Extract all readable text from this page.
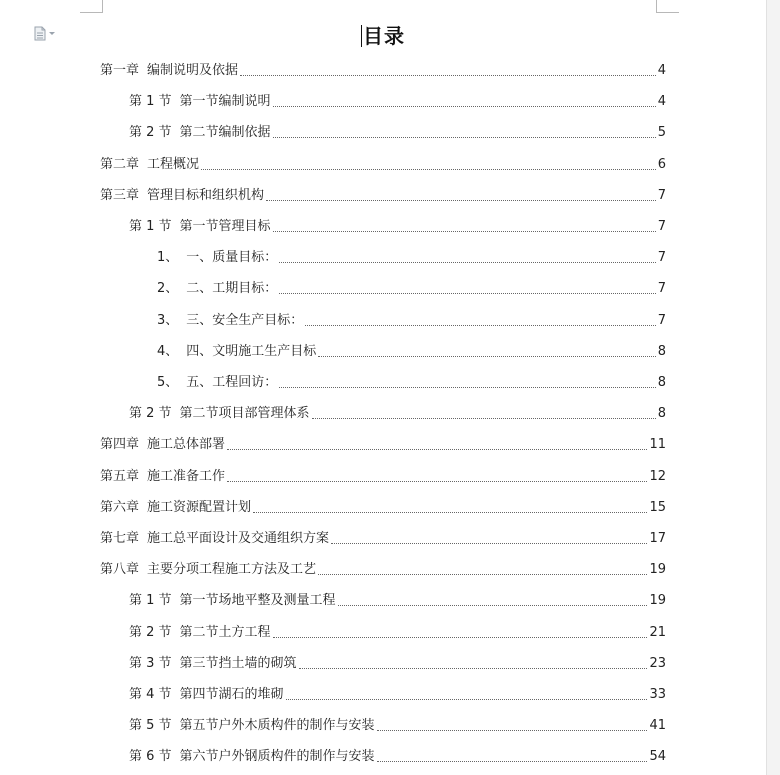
目录
第一章 编制说明及依据	4
第 1 节 第一节编制说明	4
第 2 节 第二节编制依据	5
第二章 工程概况	6
第三章 管理目标和组织机构	7
第 1 节 第一节管理目标	7
1、 一、质量目标：	7
2、 二、工期目标：	7
3、 三、安全生产目标：	7
4、 四、文明施工生产目标	8
5、 五、工程回访：	8
第 2 节 第二节项目部管理体系	8
第四章 施工总体部署	11
第五章 施工准备工作	12
第六章 施工资源配置计划	15
第七章 施工总平面设计及交通组织方案	17
第八章 主要分项工程施工方法及工艺	19
第 1 节 第一节场地平整及测量工程	19
第 2 节 第二节土方工程	21
第 3 节 第三节挡土墙的砌筑	23
第 4 节 第四节湖石的堆砌	33
第 5 节 第五节户外木质构件的制作与安装	41
第 6 节 第六节户外钢质构件的制作与安装	54
